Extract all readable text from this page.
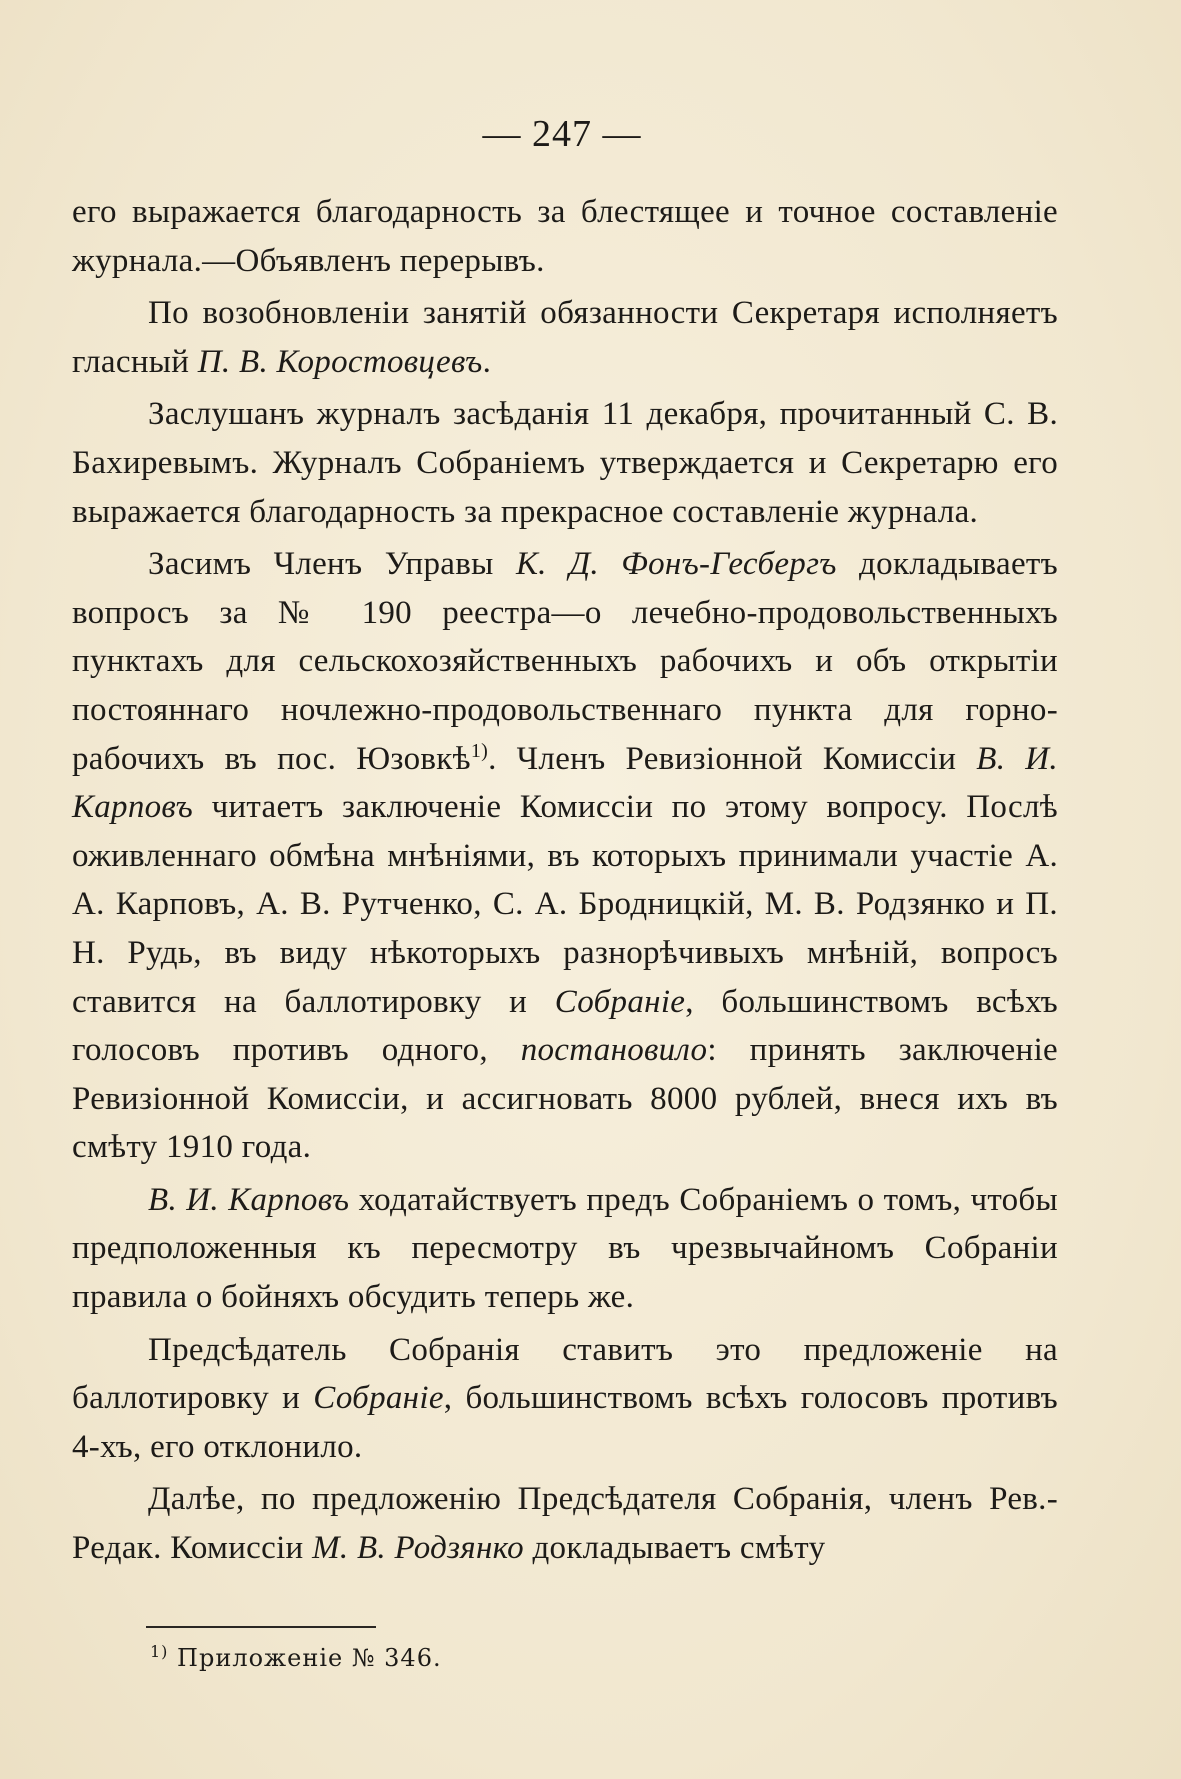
— 247 —

его выражается благодарность за блестящее и точное составленіе журнала.—Объявленъ перерывъ.

По возобновленіи занятій обязанности Секретаря исполняетъ гласный П. В. Коростовцевъ.

Заслушанъ журналъ засѣданія 11 декабря, прочитанный С. В. Бахиревымъ. Журналъ Собраніемъ утверждается и Секретарю его выражается благодарность за прекрасное составленіе журнала.

Засимъ Членъ Управы К. Д. Фонъ-Гесбергъ докладываетъ вопросъ за № 190 реестра—о лечебно-продовольственныхъ пунктахъ для сельскохозяйственныхъ рабочихъ и объ открытіи постояннаго ночлежно-продовольственнаго пункта для горно-рабочихъ въ пос. Юзовкѣ$^{1)}$. Членъ Ревизіонной Комиссіи В. И. Карповъ читаетъ заключеніе Комиссіи по этому вопросу. Послѣ оживленнаго обмѣна мнѣніями, въ которыхъ принимали участіе А. А. Карповъ, А. В. Рутченко, С. А. Бродницкій, М. В. Родзянко и П. Н. Рудь, въ виду нѣкоторыхъ разнорѣчивыхъ мнѣній, вопросъ ставится на баллотировку и Собраніе, большинствомъ всѣхъ голосовъ противъ одного, постановило: принять заключеніе Ревизіонной Комиссіи, и ассигновать 8000 рублей, внеся ихъ въ смѣту 1910 года.

В. И. Карповъ ходатайствуетъ предъ Собраніемъ о томъ, чтобы предположенныя къ пересмотру въ чрезвычайномъ Собраніи правила о бойняхъ обсудить теперь же.

Предсѣдатель Собранія ставитъ это предложеніе на баллотировку и Собраніе, большинствомъ всѣхъ голосовъ противъ 4-хъ, его отклонило.

Далѣе, по предложенію Предсѣдателя Собранія, членъ Рев.-Редак. Комиссіи М. В. Родзянко докладываетъ смѣту

$^{1)}$ Приложеніе № 346.
